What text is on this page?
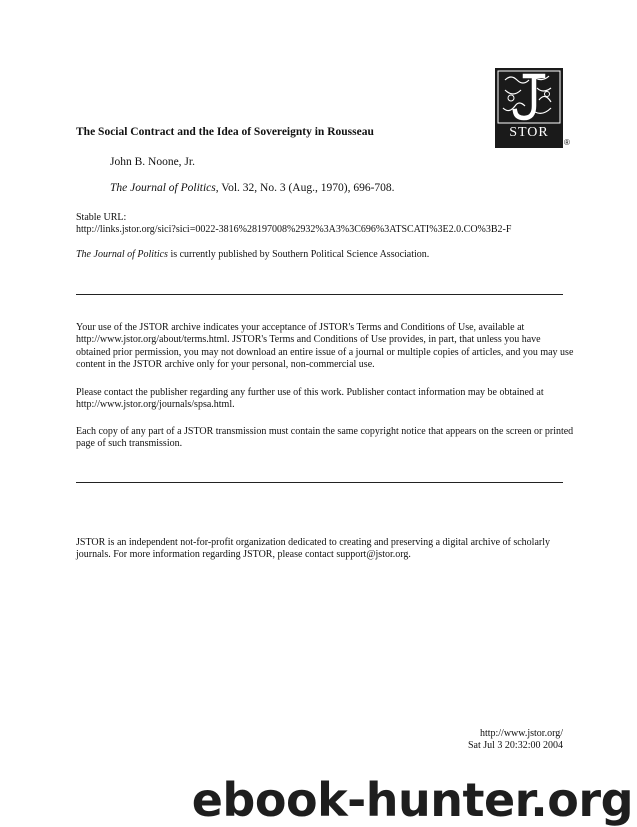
STOR
®
The Social Contract and the Idea of Sovereignty in Rousseau
John B. Noone, Jr.
The Journal of Politics, Vol. 32, No. 3 (Aug., 1970), 696-708.
Stable URL:
http://links.jstor.org/sici?sici=0022-3816%28197008%2932%3A3%3C696%3ATSCATI%3E2.0.CO%3B2-F
The Journal of Politics is currently published by Southern Political Science Association.
Your use of the JSTOR archive indicates your acceptance of JSTOR's Terms and Conditions of Use, available at http://www.jstor.org/about/terms.html. JSTOR's Terms and Conditions of Use provides, in part, that unless you have obtained prior permission, you may not download an entire issue of a journal or multiple copies of articles, and you may use content in the JSTOR archive only for your personal, non-commercial use.
Please contact the publisher regarding any further use of this work. Publisher contact information may be obtained at http://www.jstor.org/journals/spsa.html.
Each copy of any part of a JSTOR transmission must contain the same copyright notice that appears on the screen or printed page of such transmission.
JSTOR is an independent not-for-profit organization dedicated to creating and preserving a digital archive of scholarly journals. For more information regarding JSTOR, please contact support@jstor.org.
http://www.jstor.org/
Sat Jul 3 20:32:00 2004
ebook-hunter.org
